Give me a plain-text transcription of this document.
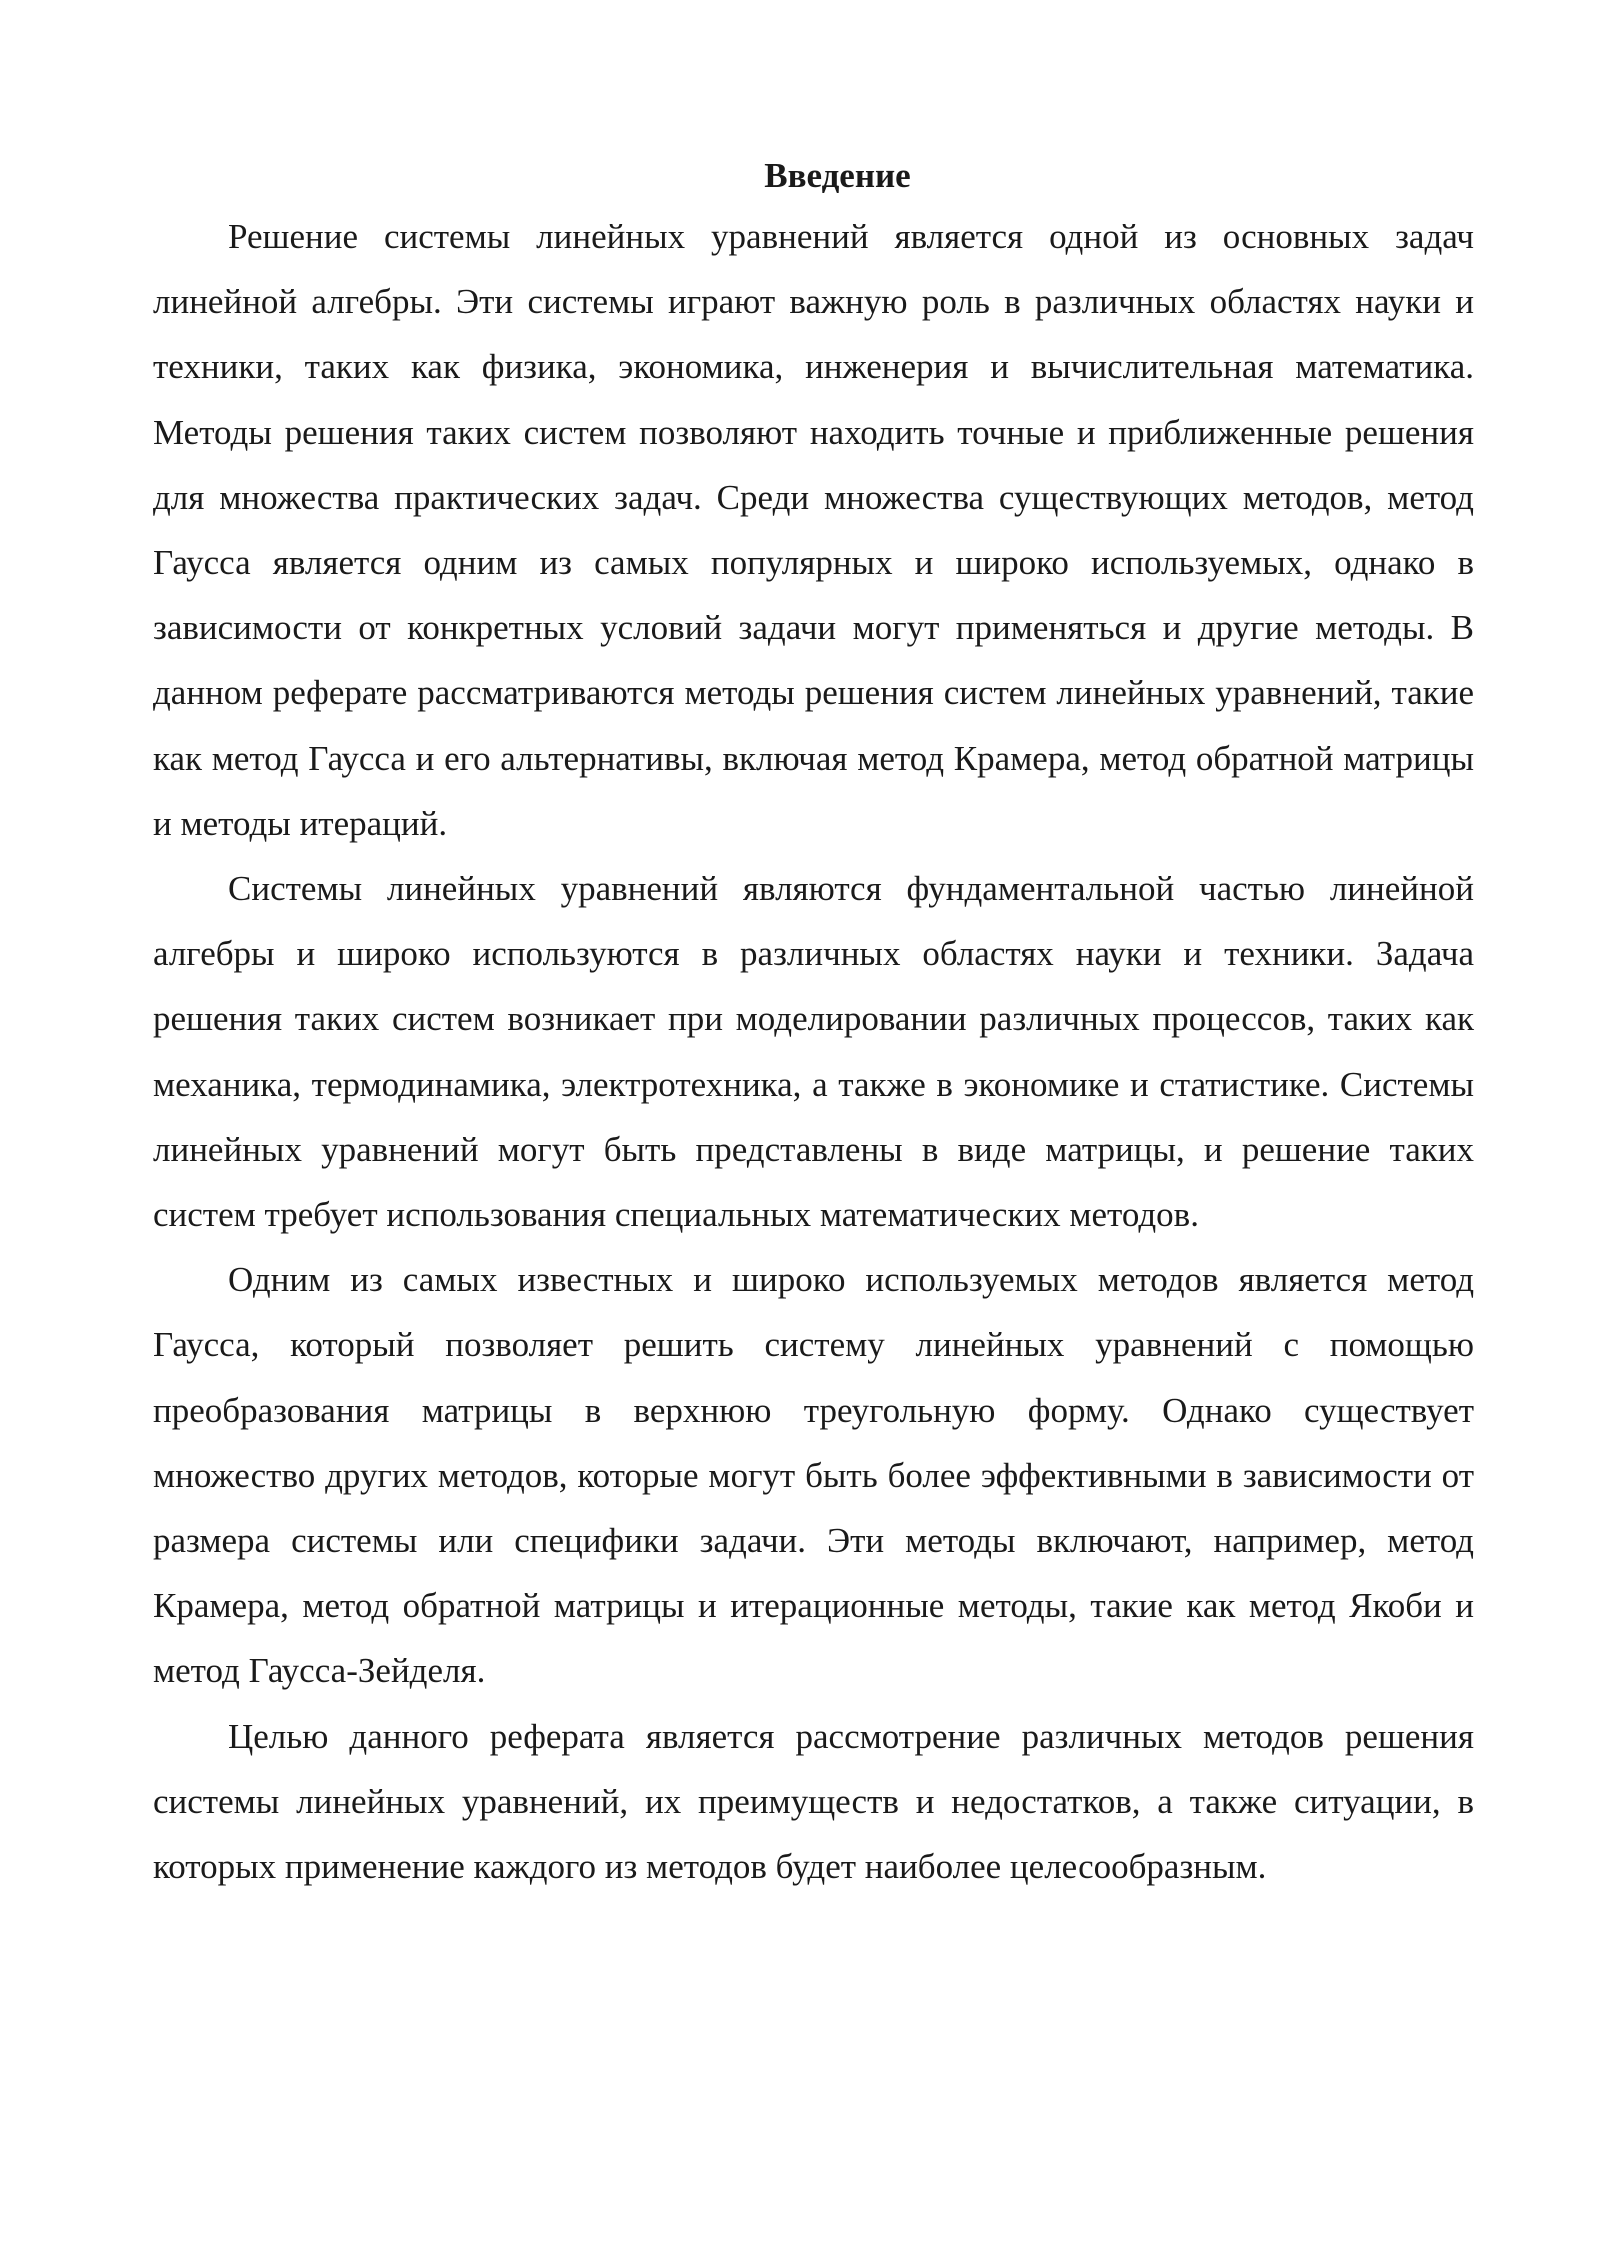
Введение

Решение системы линейных уравнений является одной из основных задач линейной алгебры. Эти системы играют важную роль в различных областях науки и техники, таких как физика, экономика, инженерия и вычислительная математика. Методы решения таких систем позволяют находить точные и приближенные решения для множества практических задач. Среди множества существующих методов, метод Гаусса является одним из самых популярных и широко используемых, однако в зависимости от конкретных условий задачи могут применяться и другие методы. В данном реферате рассматриваются методы решения систем линейных уравнений, такие как метод Гаусса и его альтернативы, включая метод Крамера, метод обратной матрицы и методы итераций.

Системы линейных уравнений являются фундаментальной частью линейной алгебры и широко используются в различных областях науки и техники. Задача решения таких систем возникает при моделировании различных процессов, таких как механика, термодинамика, электротехника, а также в экономике и статистике. Системы линейных уравнений могут быть представлены в виде матрицы, и решение таких систем требует использования специальных математических методов.

Одним из самых известных и широко используемых методов является метод Гаусса, который позволяет решить систему линейных уравнений с помощью преобразования матрицы в верхнюю треугольную форму. Однако существует множество других методов, которые могут быть более эффективными в зависимости от размера системы или специфики задачи. Эти методы включают, например, метод Крамера, метод обратной матрицы и итерационные методы, такие как метод Якоби и метод Гаусса-Зейделя.

Целью данного реферата является рассмотрение различных методов решения системы линейных уравнений, их преимуществ и недостатков, а также ситуации, в которых применение каждого из методов будет наиболее целесообразным.
